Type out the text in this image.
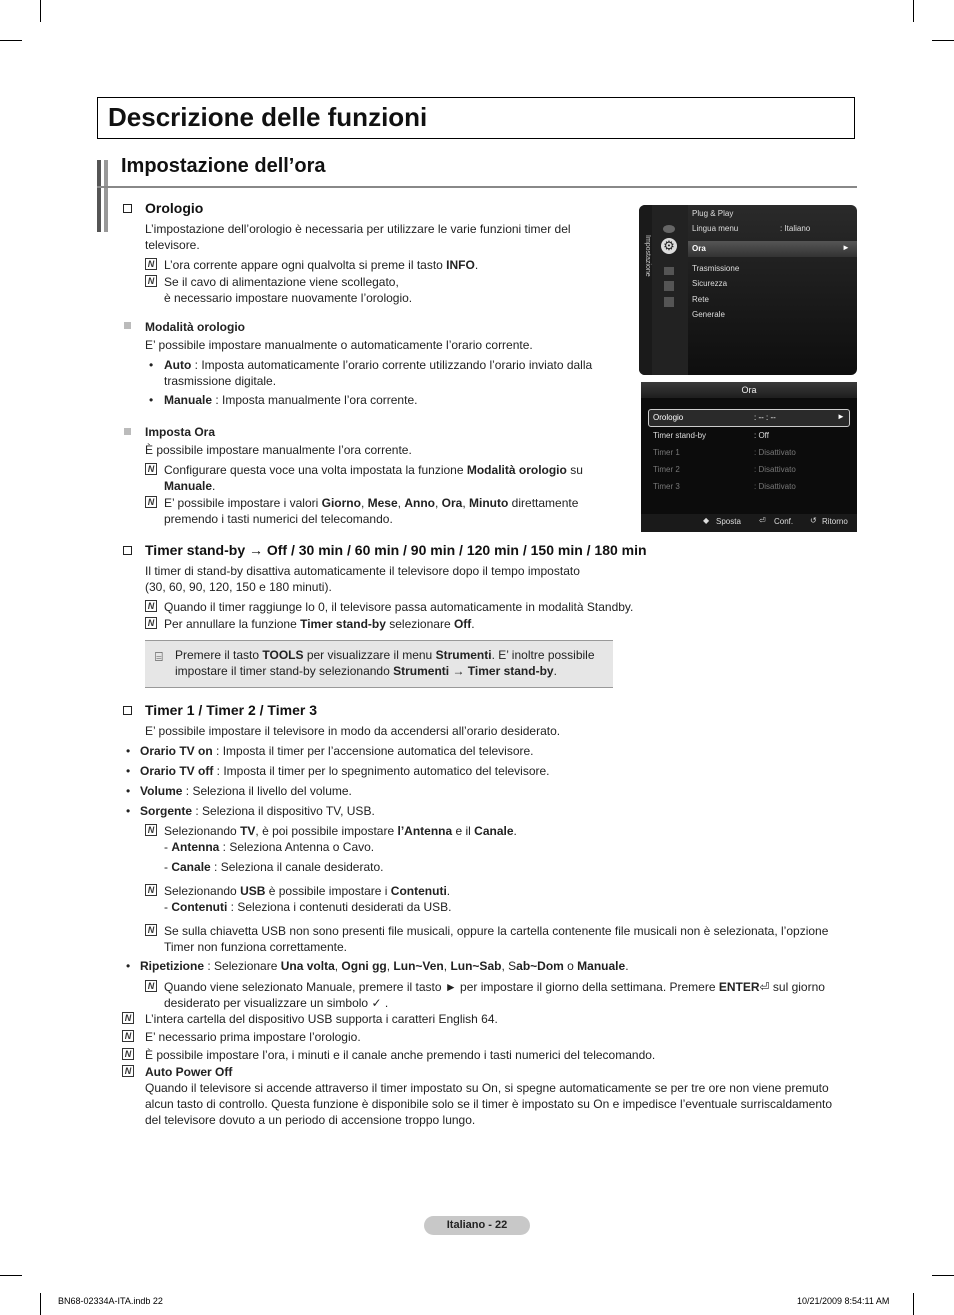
Descrizione delle funzioni
Impostazione dell’ora
Orologio
L’impostazione dell’orologio è necessaria per utilizzare le varie funzioni timer del televisore.
N L’ora corrente appare ogni qualvolta si preme il tasto INFO.
N Se il cavo di alimentazione viene scollegato,
è necessario impostare nuovamente l’orologio.
Modalità orologio
E’ possibile impostare manualmente o automaticamente l’orario corrente.
• Auto : Imposta automaticamente l’orario corrente utilizzando l’orario inviato dalla
trasmissione digitale.
• Manuale : Imposta manualmente l’ora corrente.
Imposta Ora
È possibile impostare manualmente l’ora corrente.
N Configurare questa voce una volta impostata la funzione Modalità orologio su
Manuale.
N E’ possibile impostare i valori Giorno, Mese, Anno, Ora, Minuto direttamente
premendo i tasti numerici del telecomando.
Impostazione ⚙
Plug & Play
Lingua menu	: Italiano
Ora	►
Trasmissione
Sicurezza
Rete
Generale
Ora
Orologio	: -- : --	►
Timer stand-by	: Off
Timer 1	: Disattivato
Timer 2	: Disattivato
Timer 3	: Disattivato
◆ Sposta ⏎ Conf. ↺ Ritorno
Timer stand-by → Off / 30 min / 60 min / 90 min / 120 min / 150 min / 180 min
Il timer di stand-by disattiva automaticamente il televisore dopo il tempo impostato
(30, 60, 90, 120, 150 e 180 minuti).
N Quando il timer raggiunge lo 0, il televisore passa automaticamente in modalità Standby.
N Per annullare la funzione Timer stand-by selezionare Off.
⌸ Premere il tasto TOOLS per visualizzare il menu Strumenti. E’ inoltre possibile
impostare il timer stand-by selezionando Strumenti → Timer stand-by.
Timer 1 / Timer 2 / Timer 3
E’ possibile impostare il televisore in modo da accendersi all’orario desiderato.
• Orario TV on : Imposta il timer per l’accensione automatica del televisore.
• Orario TV off : Imposta il timer per lo spegnimento automatico del televisore.
• Volume : Seleziona il livello del volume.
• Sorgente : Seleziona il dispositivo TV, USB.
N Selezionando TV, è poi possibile impostare l’Antenna e il Canale.
- Antenna : Seleziona Antenna o Cavo.
- Canale : Seleziona il canale desiderato.
N Selezionando USB è possibile impostare i Contenuti.
- Contenuti : Seleziona i contenuti desiderati da USB.
N Se sulla chiavetta USB non sono presenti file musicali, oppure la cartella contenente file musicali non è selezionata, l’opzione
Timer non funziona correttamente.
• Ripetizione : Selezionare Una volta, Ogni gg, Lun~Ven, Lun~Sab, Sab~Dom o Manuale.
N Quando viene selezionato Manuale, premere il tasto ► per impostare il giorno della settimana. Premere ENTER⏎ sul giorno
desiderato per visualizzare un simbolo ✓ .
N L’intera cartella del dispositivo USB supporta i caratteri English 64.
N E’ necessario prima impostare l’orologio.
N È possibile impostare l’ora, i minuti e il canale anche premendo i tasti numerici del telecomando.
N Auto Power Off
Quando il televisore si accende attraverso il timer impostato su On, si spegne automaticamente se per tre ore non viene premuto
alcun tasto di controllo. Questa funzione è disponibile solo se il timer è impostato su On e impedisce l’eventuale surriscaldamento
del televisore dovuto a un periodo di accensione troppo lungo.
Italiano - 22
BN68-02334A-ITA.indb 22	10/21/2009 8:54:11 AM
